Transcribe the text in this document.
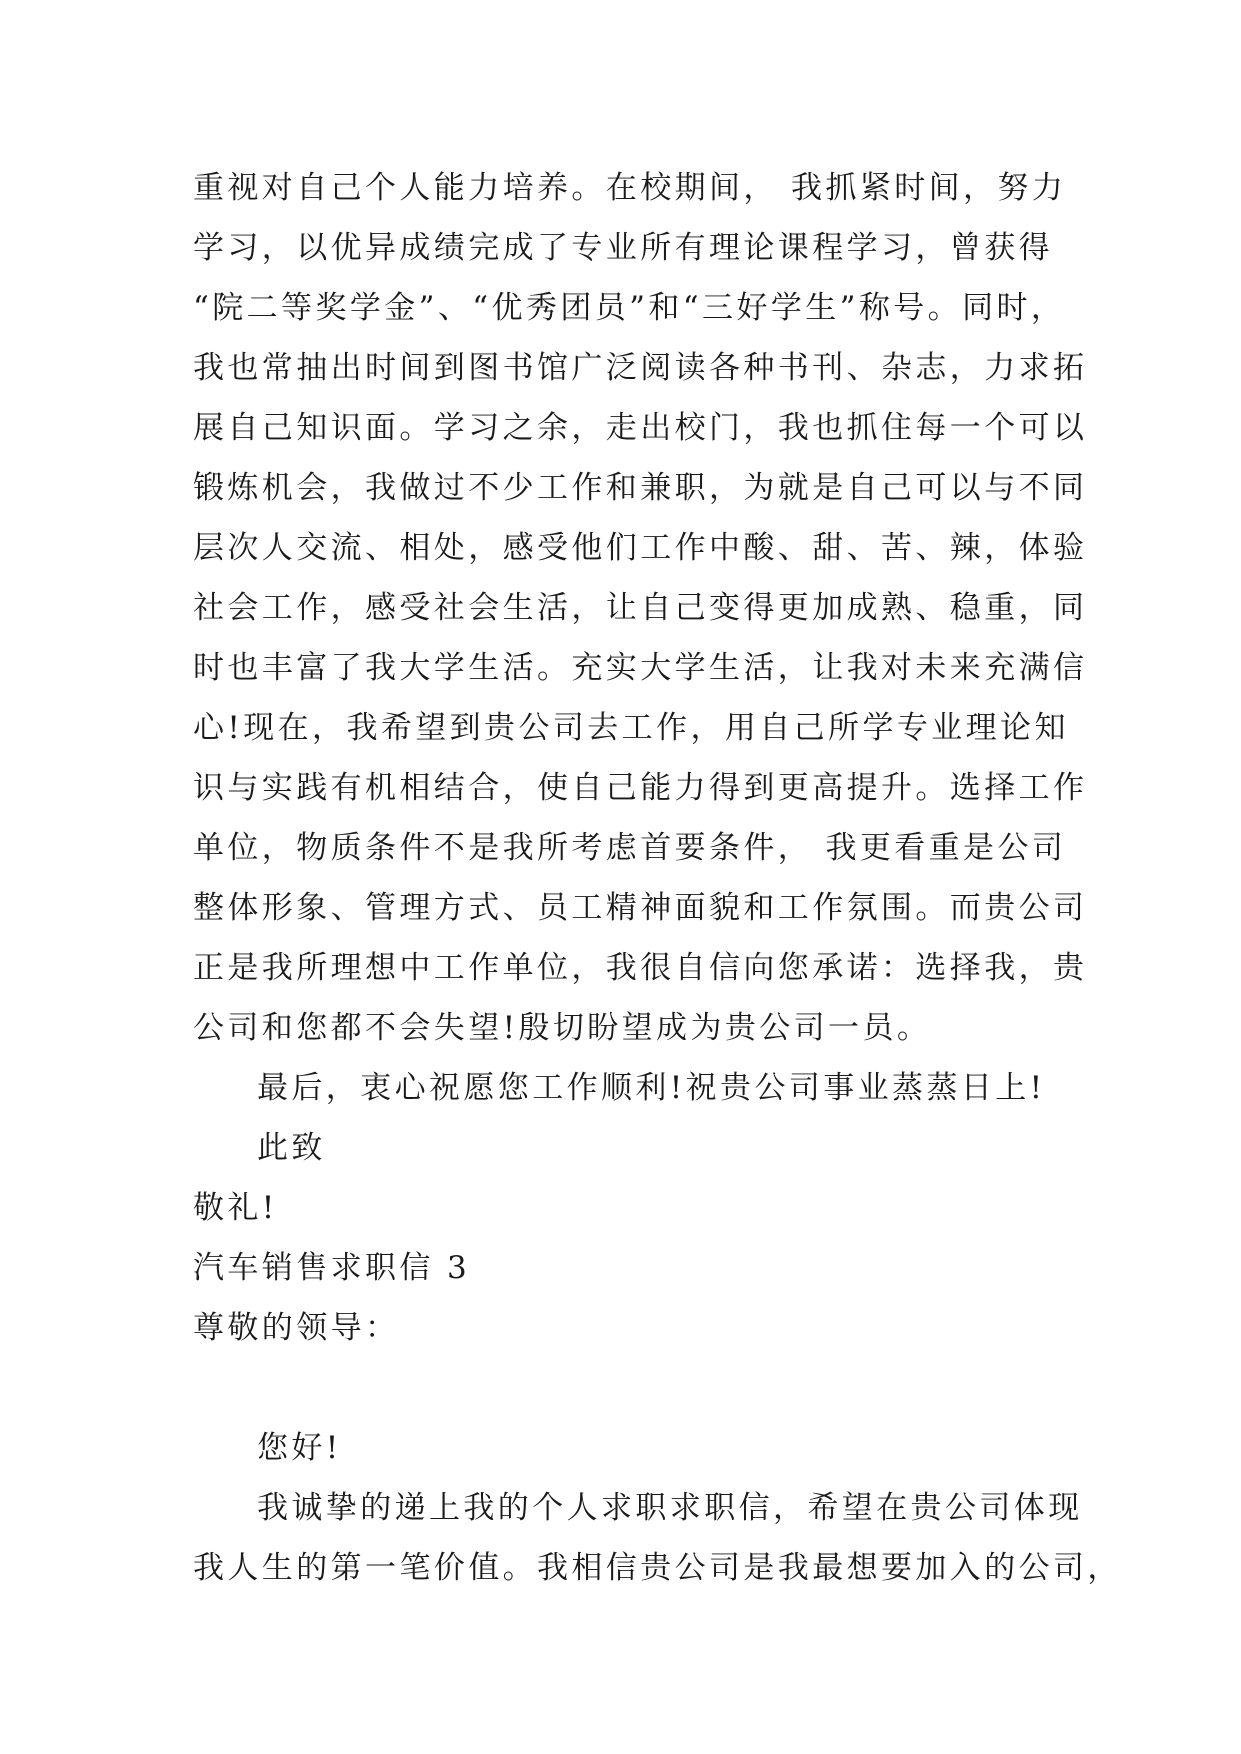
重视对自己个人能力培养。在校期间， 我抓紧时间，努力
学习，以优异成绩完成了专业所有理论课程学习，曾获得
“院二等奖学金”、“优秀团员”和“三好学生”称号。同时，
我也常抽出时间到图书馆广泛阅读各种书刊、杂志，力求拓
展自己知识面。学习之余，走出校门，我也抓住每一个可以
锻炼机会，我做过不少工作和兼职，为就是自己可以与不同
层次人交流、相处，感受他们工作中酸、甜、苦、辣，体验
社会工作，感受社会生活，让自己变得更加成熟、稳重，同
时也丰富了我大学生活。充实大学生活，让我对未来充满信
心!现在，我希望到贵公司去工作，用自己所学专业理论知
识与实践有机相结合，使自己能力得到更高提升。选择工作
单位，物质条件不是我所考虑首要条件， 我更看重是公司
整体形象、管理方式、员工精神面貌和工作氛围。而贵公司
正是我所理想中工作单位，我很自信向您承诺：选择我，贵
公司和您都不会失望!殷切盼望成为贵公司一员。
最后，衷心祝愿您工作顺利!祝贵公司事业蒸蒸日上!
此致
敬礼!
汽车销售求职信 3
尊敬的领导：
您好!
我诚挚的递上我的个人求职求职信，希望在贵公司体现
我人生的第一笔价值。我相信贵公司是我最想要加入的公司，
